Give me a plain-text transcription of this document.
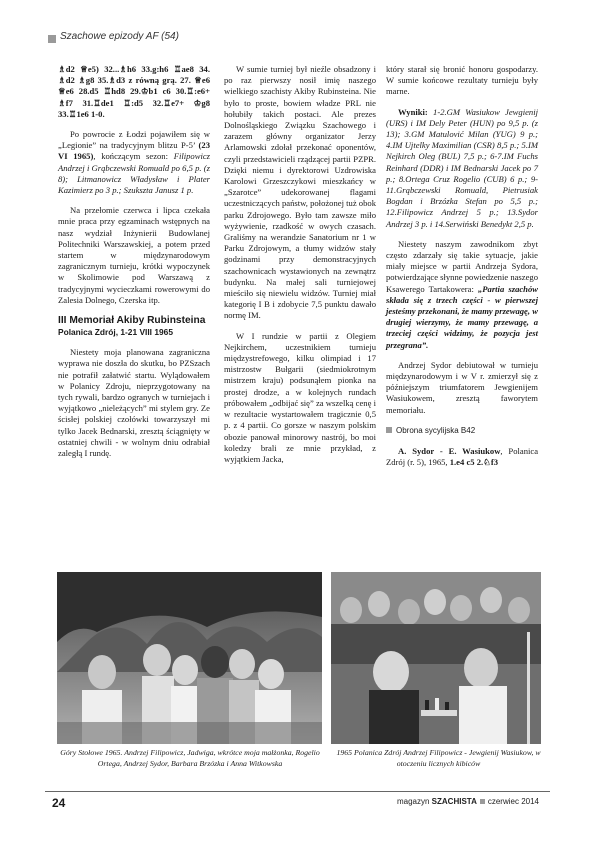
Szachowe epizody AF (54)

♗d2 ♕e5) 32...♗h6 33.g:h6 ♖ae8 34. ♗d2 ♗g8 35.♗d3 z równą grą. 27. ♕e6 ♕e6 28.d5 ♖hd8 29.♔b1 c6 30.♖:e6+ ♗f7 31.♖de1 ♖:d5 32.♖e7+ ♔g8 33.♖1e6 1-0.

Po powrocie z Łodzi pojawiłem się w „Legionie” na tradycyjnym blitzu P-5’ (23 VI 1965), kończącym sezon: Filipowicz Andrzej i Grąbczewski Romuald po 6,5 p. (z 8); Litmanowicz Władysław i Plater Kazimierz po 3 p.; Szukszta Janusz 1 p.

Na przełomie czerwca i lipca czekała mnie praca przy egzaminach wstępnych na nasz wydział Inżynierii Budowlanej Politechniki Warszawskiej, a potem przed startem w międzynarodowym zagranicznym turnieju, krótki wypoczynek w Skolimowie pod Warszawą z tradycyjnymi wycieczkami rowerowymi do Zalesia Dolnego, Czerska itp.

III Memoriał Akiby Rubinsteina
Polanica Zdrój, 1-21 VIII 1965

Niestety moja planowana zagraniczna wyprawa nie doszła do skutku, bo PZSzach nie potrafił załatwić startu. Wylądowałem w Polanicy Zdroju, nieprzygotowany na tych rywali, bardzo ogranych w turniejach i wyjątkowo „nieleżących” mi stylem gry. Ze ścisłej polskiej czołówki towarzyszył mi tylko Jacek Bednarski, zresztą ściągnięty w ostatniej chwili - w wolnym dniu odrabiał zaległą I rundę.

W sumie turniej był nieźle obsadzony i po raz pierwszy nosił imię naszego wielkiego szachisty Akiby Rubinsteina. Nie było to proste, bowiem władze PRL nie hołubiły takich postaci. Ale prezes Dolnośląskiego Związku Szachowego i zarazem główny organizator Jerzy Arlamowski zdołał przekonać oponentów, czyli przedstawicieli rządzącej partii PZPR. Dzięki niemu i dyrektorowi Uzdrowiska Karolowi Grzeszczykowi mieszkańcy w „Szarotce” udekorowanej flagami uczestniczących państw, położonej tuż obok parku Zdrojowego. Było tam zawsze miło wyżywienie, rzadkość w owych czasach. Graliśmy na werandzie Sanatorium nr 1 w Parku Zdrojowym, a tłumy widzów stały godzinami przy demonstracyjnych szachownicach wystawionych na zewnątrz budynku. Na małej sali turniejowej mieściło się niewielu widzów. Turniej miał kategorię I B i zdobycie 7,5 punktu dawało normę IM.

W I rundzie w partii z Olegiem Nejkirchem, uczestnikiem turnieju międzystrefowego, kilku olimpiad i 17 mistrzostw Bułgarii (siedmiokrotnym mistrzem kraju) podsunąłem pionka na prostej drodze, a w kolejnych rundach próbowałem „odbijać się” za wszelką cenę i w rezultacie wystartowałem tragicznie 0,5 p. z 4 partii. Co gorsze w naszym polskim obozie panował minorowy nastrój, bo moi koledzy brali ze mnie przykład, z wyjątkiem Jacka,

który starał się bronić honoru gospodarzy. W sumie końcowe rezultaty turnieju były marne.

Wyniki: 1-2.GM Wasiukow Jewgienij (URS) i IM Dely Peter (HUN) po 9,5 p. (z 13); 3.GM Matulović Milan (YUG) 9 p.; 4.IM Ujtelky Maximilian (CSR) 8,5 p.; 5.IM Nejkirch Oleg (BUL) 7,5 p.; 6-7.IM Fuchs Reinhard (DDR) i IM Bednarski Jacek po 7 p.; 8.Ortega Cruz Rogelio (CUB) 6 p.; 9-11.Grąbczewski Romuald, Pietrusiak Bogdan i Brzózka Stefan po 5,5 p.; 12.Filipowicz Andrzej 5 p.; 13.Sydor Andrzej 3 p. i 14.Serwiński Benedykt 2,5 p.

Niestety naszym zawodnikom zbyt często zdarzały się takie sytuacje, jakie miały miejsce w partii Andrzeja Sydora, potwierdzające słynne powiedzenie naszego Ksawerego Tartakowera: „Partia szachów składa się z trzech części - w pierwszej jesteśmy przekonani, że mamy przewagę, w drugiej wierzymy, że mamy przewagę, a trzeciej części widzimy, że pozycja jest przegrana”.

Andrzej Sydor debiutował w turnieju międzynarodowym i w V r. zmierzył się z późniejszym triumfatorem Jewgienijem Wasiukowem, zresztą faworytem memoriału.

Obrona sycylijska B42

A. Sydor - E. Wasiukow, Polanica Zdrój (r. 5), 1965, 1.e4 c5 2.♘f3

Góry Stołowe 1965. Andrzej Filipowicz, Jadwiga, wkrótce moja małżonka, Rogelio Ortega, Andrzej Sydor, Barbara Brzózka i Anna Witkowska
1965 Polanica Zdrój Andrzej Filipowicz - Jewgienij Wasiukow, w otoczeniu licznych kibiców
24	magazyn SZACHISTA czerwiec 2014
